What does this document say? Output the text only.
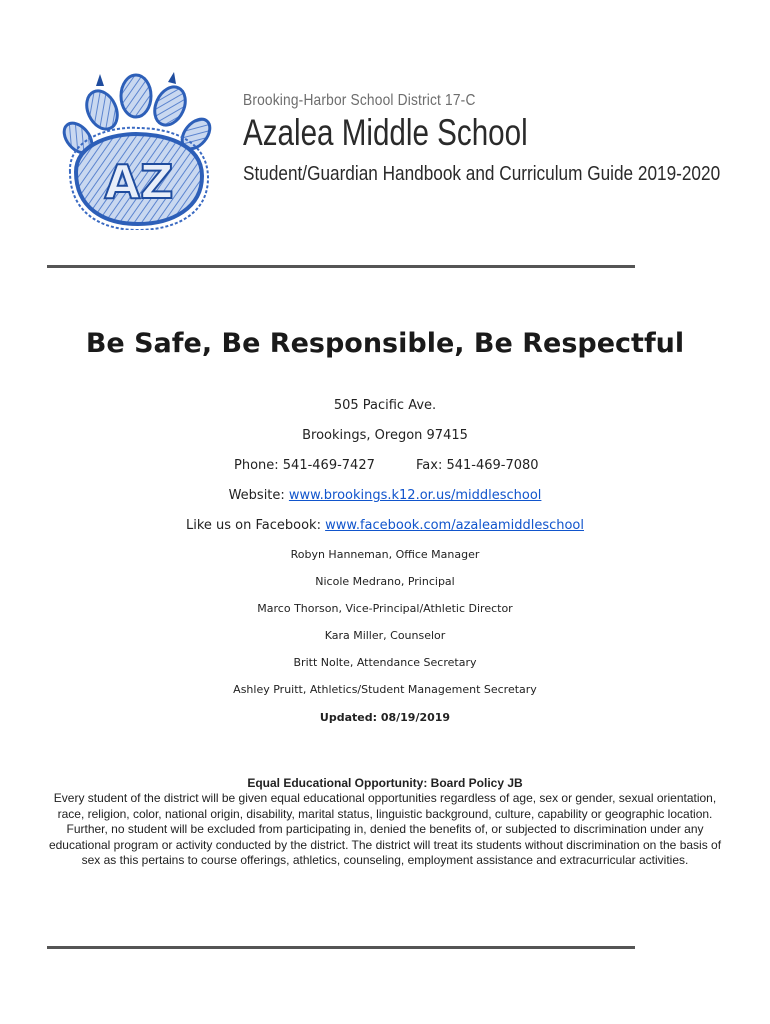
AZ
Brooking-Harbor School District 17-C
Azalea Middle School
Student/Guardian Handbook and Curriculum Guide 2019-2020
Be Safe, Be Responsible, Be Respectful
505 Pacific Ave.
Brookings, Oregon 97415
Phone: 541-469-7427	Fax: 541-469-7080
Website: www.brookings.k12.or.us/middleschool
Like us on Facebook: www.facebook.com/azaleamiddleschool
Robyn Hanneman, Office Manager
Nicole Medrano, Principal
Marco Thorson, Vice-Principal/Athletic Director
Kara Miller, Counselor
Britt Nolte, Attendance Secretary
Ashley Pruitt, Athletics/Student Management Secretary
Updated: 08/19/2019
Equal Educational Opportunity: Board Policy JB
Every student of the district will be given equal educational opportunities regardless of age, sex or gender, sexual orientation, race, religion, color, national origin, disability, marital status, linguistic background, culture, capability or geographic location. Further, no student will be excluded from participating in, denied the benefits of, or subjected to discrimination under any educational program or activity conducted by the district. The district will treat its students without discrimination on the basis of sex as this pertains to course offerings, athletics, counseling, employment assistance and extracurricular activities.
